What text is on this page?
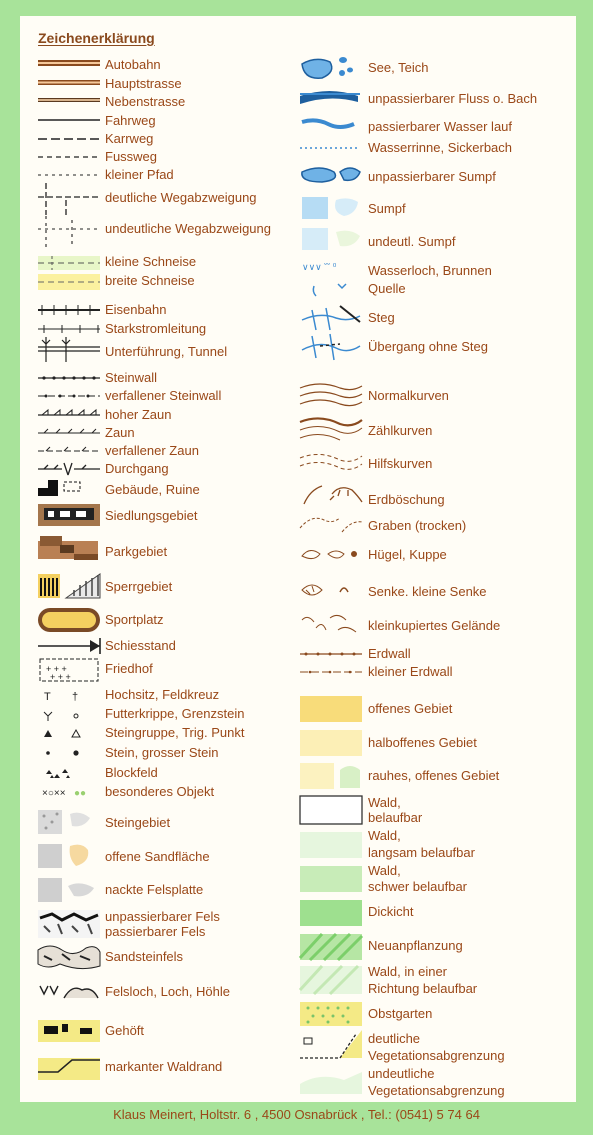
Zeichenerklärung
+ + +
+ + +
T †
×○×× ●●
∨∨∨ ˘˘ ⁰
Autobahn
Hauptstrasse
Nebenstrasse
Fahrweg
Karrweg
Fussweg
kleiner Pfad
deutliche Wegabzweigung
undeutliche Wegabzweigung
kleine Schneise
breite Schneise
Eisenbahn
Starkstromleitung
Unterführung, Tunnel
Steinwall
verfallener Steinwall
hoher Zaun
Zaun
verfallener Zaun
Durchgang
Gebäude, Ruine
Siedlungsgebiet
Parkgebiet
Sperrgebiet
Sportplatz
Schiesstand
Friedhof
Hochsitz, Feldkreuz
Futterkrippe, Grenzstein
Steingruppe, Trig. Punkt
Stein, grosser Stein
Blockfeld
besonderes Objekt
Steingebiet
offene Sandfläche
nackte Felsplatte
unpassierbarer Fels
passierbarer Fels
Sandsteinfels
Felsloch, Loch, Höhle
Gehöft
markanter Waldrand
See, Teich
unpassierbarer Fluss o. Bach
passierbarer Wasser lauf
Wasserrinne, Sickerbach
unpassierbarer Sumpf
Sumpf
undeutl. Sumpf
Wasserloch, Brunnen
Quelle
Steg
Übergang ohne Steg
Normalkurven
Zählkurven
Hilfskurven
Erdböschung
Graben (trocken)
Hügel, Kuppe
Senke. kleine Senke
kleinkupiertes Gelände
Erdwall
kleiner Erdwall
offenes Gebiet
halboffenes Gebiet
rauhes, offenes Gebiet
Wald,
belaufbar
Wald,
langsam belaufbar
Wald,
schwer belaufbar
Dickicht
Neuanpflanzung
Wald, in einer
Richtung belaufbar
Obstgarten
deutliche
Vegetationsabgrenzung
undeutliche
Vegetationsabgrenzung
Klaus Meinert, Holtstr. 6 , 4500 Osnabrück , Tel.: (0541) 5 74 64
